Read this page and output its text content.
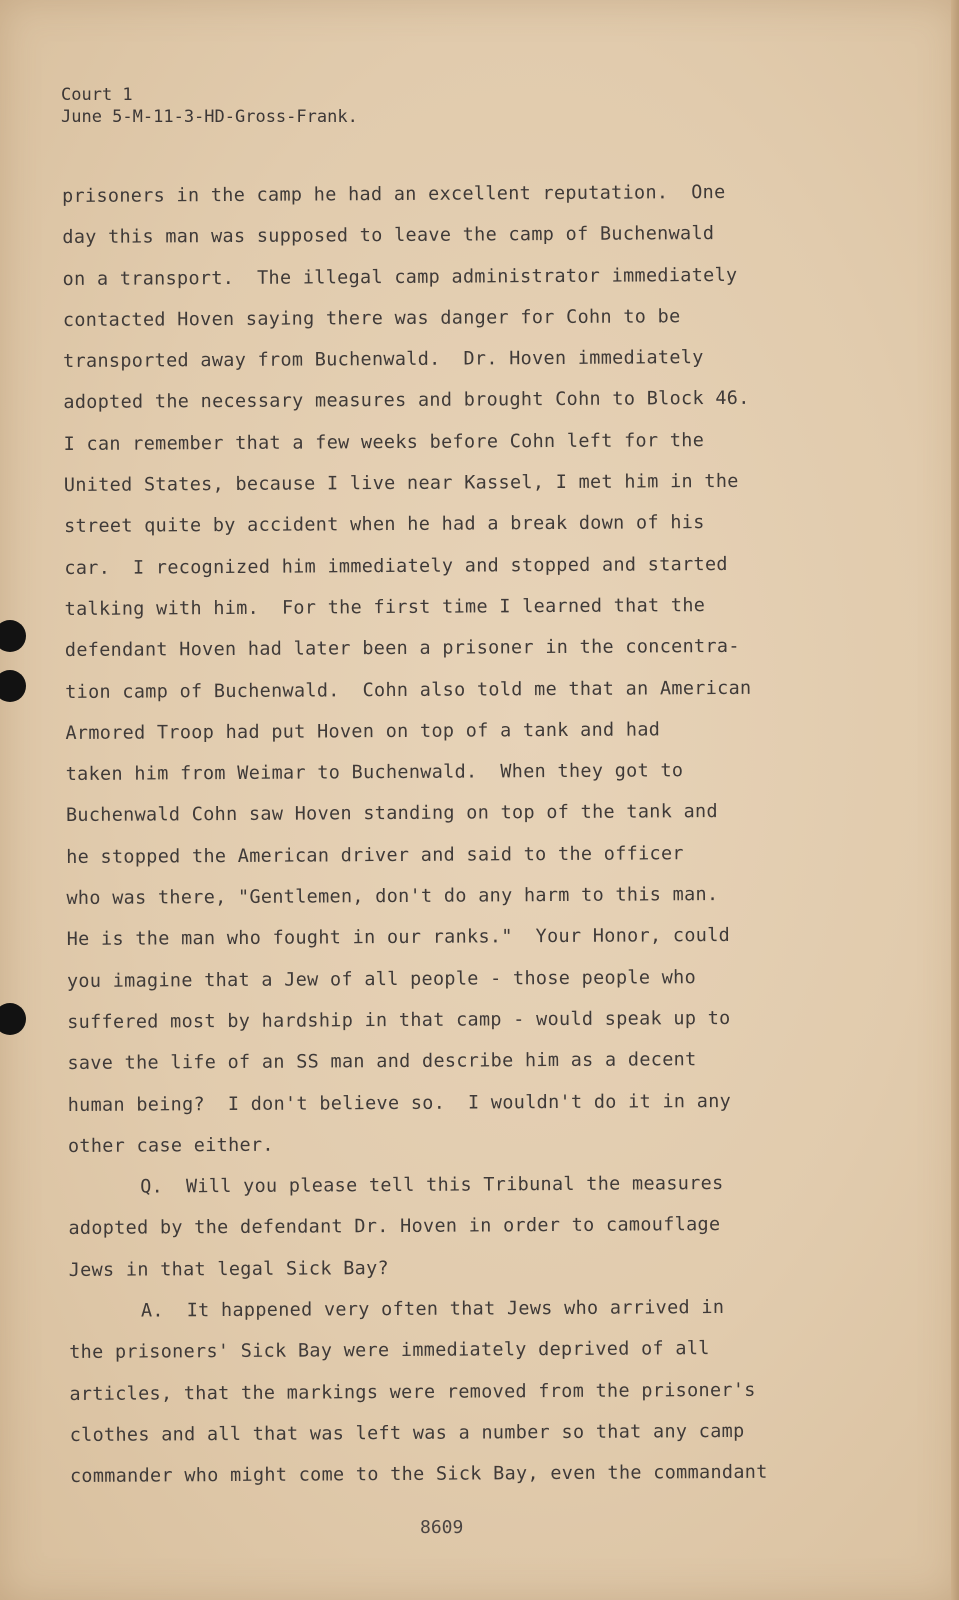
Court 1
June 5-M-11-3-HD-Gross-Frank.
prisoners in the camp he had an excellent reputation.  One
day this man was supposed to leave the camp of Buchenwald
on a transport.  The illegal camp administrator immediately
contacted Hoven saying there was danger for Cohn to be
transported away from Buchenwald.  Dr. Hoven immediately
adopted the necessary measures and brought Cohn to Block 46.
I can remember that a few weeks before Cohn left for the
United States, because I live near Kassel, I met him in the
street quite by accident when he had a break down of his
car.  I recognized him immediately and stopped and started
talking with him.  For the first time I learned that the
defendant Hoven had later been a prisoner in the concentra-
tion camp of Buchenwald.  Cohn also told me that an American
Armored Troop had put Hoven on top of a tank and had
taken him from Weimar to Buchenwald.  When they got to
Buchenwald Cohn saw Hoven standing on top of the tank and
he stopped the American driver and said to the officer
who was there, "Gentlemen, don't do any harm to this man.
He is the man who fought in our ranks."  Your Honor, could
you imagine that a Jew of all people - those people who
suffered most by hardship in that camp - would speak up to
save the life of an SS man and describe him as a decent
human being?  I don't believe so.  I wouldn't do it in any
other case either.
Q.  Will you please tell this Tribunal the measures
adopted by the defendant Dr. Hoven in order to camouflage
Jews in that legal Sick Bay?
A.  It happened very often that Jews who arrived in
the prisoners' Sick Bay were immediately deprived of all
articles, that the markings were removed from the prisoner's
clothes and all that was left was a number so that any camp
commander who might come to the Sick Bay, even the commandant
8609
